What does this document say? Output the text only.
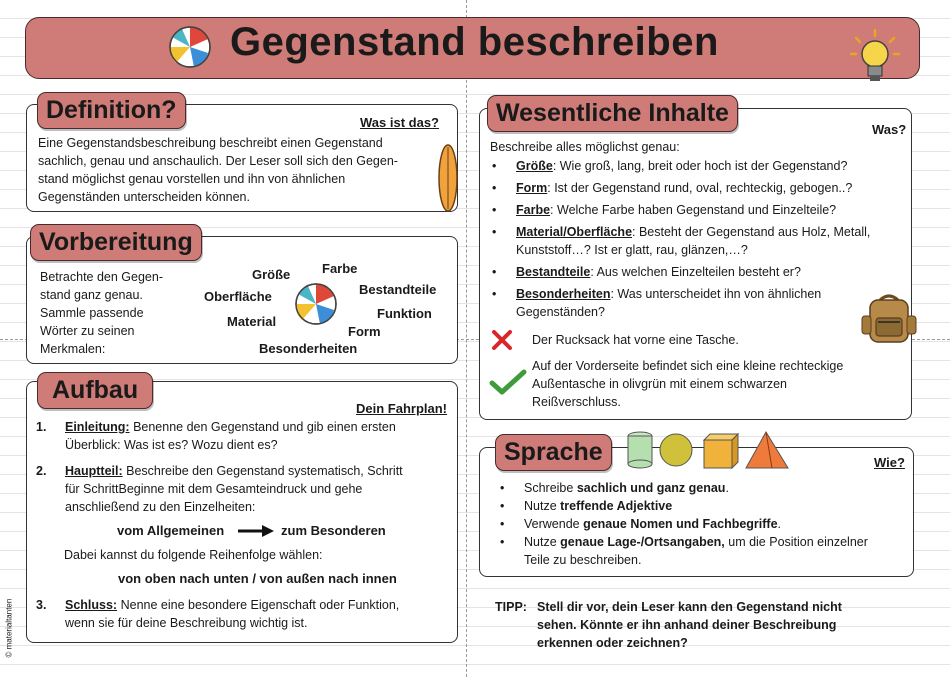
Gegenstand beschreiben
Definition?	Was ist das?
Eine Gegenstandsbeschreibung beschreibt einen Gegenstand
sachlich, genau und anschaulich. Der Leser soll sich den Gegen-
stand möglichst genau vorstellen und ihn von ähnlichen
Gegenständen unterscheiden können.
Vorbereitung
Betrachte den Gegen-
stand ganz genau.
Sammle passende
Wörter zu seinen
Merkmalen:
Größe Farbe
Oberfläche	Bestandteile
Funktion
Material
Form
Besonderheiten
Aufbau
Dein Fahrplan!
1. Einleitung: Benenne den Gegenstand und gib einen ersten
Überblick: Was ist es? Wozu dient es?
2. Hauptteil: Beschreibe den Gegenstand systematisch, Schritt
für SchrittBeginne mit dem Gesamteindruck und gehe
anschließend zu den Einzelheiten:
vom Allgemeinen	zum Besonderen
Dabei kannst du folgende Reihenfolge wählen:
von oben nach unten / von außen nach innen
3. Schluss: Nenne eine besondere Eigenschaft oder Funktion,
wenn sie für deine Beschreibung wichtig ist.
© materialtanten
Wesentliche Inhalte
Was?
Beschreibe alles möglichst genau:
• Größe: Wie groß, lang, breit oder hoch ist der Gegenstand?
• Form: Ist der Gegenstand rund, oval, rechteckig, gebogen..?
• Farbe: Welche Farbe haben Gegenstand und Einzelteile?
• Material/Oberfläche: Besteht der Gegenstand aus Holz, Metall,
Kunststoff…? Ist er glatt, rau, glänzen,…?
• Bestandteile: Aus welchen Einzelteilen besteht er?
• Besonderheiten: Was unterscheidet ihn von ähnlichen
Gegenständen?
Der Rucksack hat vorne eine Tasche.
Auf der Vorderseite befindet sich eine kleine rechteckige
Außentasche in olivgrün mit einem schwarzen
Reißverschluss.
Sprache	Wie?
• Schreibe sachlich und ganz genau.
• Nutze treffende Adjektive
• Verwende genaue Nomen und Fachbegriffe.
• Nutze genaue Lage-/Ortsangaben, um die Position einzelner
Teile zu beschreiben.
TIPP: Stell dir vor, dein Leser kann den Gegenstand nicht
sehen. Könnte er ihn anhand deiner Beschreibung
erkennen oder zeichnen?
